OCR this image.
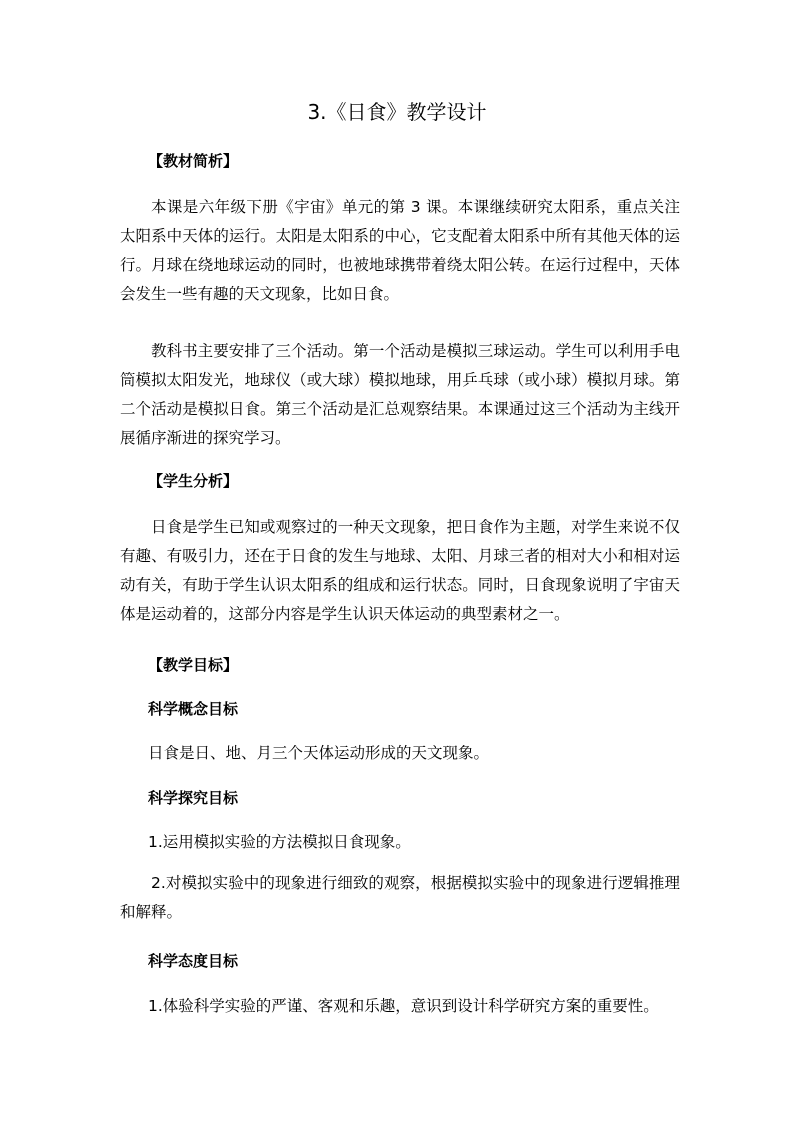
3.《日食》教学设计
【教材简析】
本课是六年级下册《宇宙》单元的第 3 课。本课继续研究太阳系，重点关注太阳系中天体的运行。太阳是太阳系的中心，它支配着太阳系中所有其他天体的运行。月球在绕地球运动的同时，也被地球携带着绕太阳公转。在运行过程中，天体会发生一些有趣的天文现象，比如日食。
教科书主要安排了三个活动。第一个活动是模拟三球运动。学生可以利用手电筒模拟太阳发光，地球仪（或大球）模拟地球，用乒乓球（或小球）模拟月球。第二个活动是模拟日食。第三个活动是汇总观察结果。本课通过这三个活动为主线开展循序渐进的探究学习。
【学生分析】
日食是学生已知或观察过的一种天文现象，把日食作为主题，对学生来说不仅有趣、有吸引力，还在于日食的发生与地球、太阳、月球三者的相对大小和相对运动有关，有助于学生认识太阳系的组成和运行状态。同时，日食现象说明了宇宙天体是运动着的，这部分内容是学生认识天体运动的典型素材之一。
【教学目标】
科学概念目标
日食是日、地、月三个天体运动形成的天文现象。
科学探究目标
1.运用模拟实验的方法模拟日食现象。
2.对模拟实验中的现象进行细致的观察，根据模拟实验中的现象进行逻辑推理和解释。
科学态度目标
1.体验科学实验的严谨、客观和乐趣，意识到设计科学研究方案的重要性。
